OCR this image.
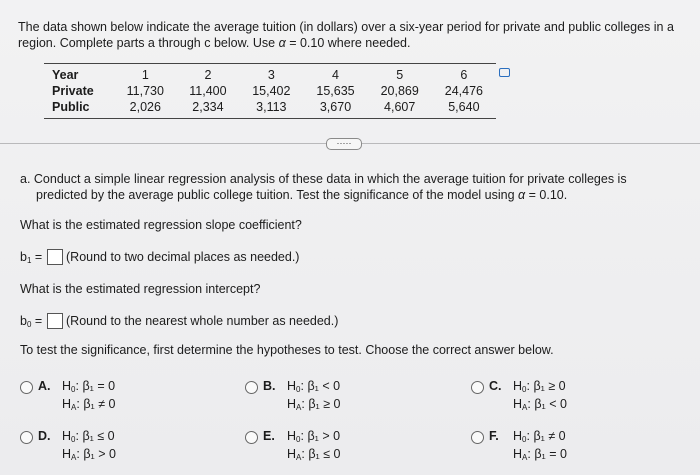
The data shown below indicate the average tuition (in dollars) over a six-year period for private and public colleges in a region. Complete parts a through c below. Use α = 0.10 where needed.
Year	1	2	3	4	5	6
Private	11,730	11,400	15,402	15,635	20,869	24,476
Public	2,026	2,334	3,113	3,670	4,607	5,640
·····
a. Conduct a simple linear regression analysis of these data in which the average tuition for private colleges is
predicted by the average public college tuition. Test the significance of the model using α = 0.10.
What is the estimated regression slope coefficient?
$b_1$ = (Round to two decimal places as needed.)
What is the estimated regression intercept?
$b_0$ = (Round to the nearest whole number as needed.)
To test the significance, first determine the hypotheses to test. Choose the correct answer below.
A. $H_0$: β₁ = 0
$H_A$: β₁ ≠ 0
B. $H_0$: β₁ < 0
$H_A$: β₁ ≥ 0
C. $H_0$: β₁ ≥ 0
$H_A$: β₁ < 0
D. $H_0$: β₁ ≤ 0
$H_A$: β₁ > 0
E. $H_0$: β₁ > 0
$H_A$: β₁ ≤ 0
F. $H_0$: β₁ ≠ 0
$H_A$: β₁ = 0
